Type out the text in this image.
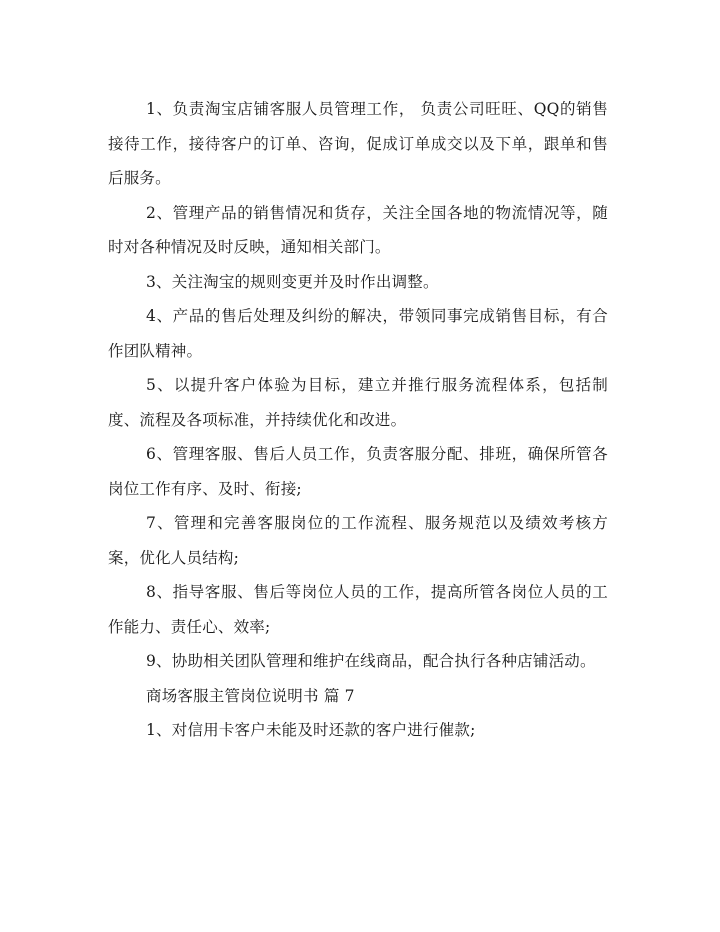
1、负责淘宝店铺客服人员管理工作， 负责公司旺旺、QQ的销售接待工作，接待客户的订单、咨询，促成订单成交以及下单，跟单和售后服务。

2、管理产品的销售情况和货存，关注全国各地的物流情况等，随时对各种情况及时反映，通知相关部门。

3、关注淘宝的规则变更并及时作出调整。

4、产品的售后处理及纠纷的解决，带领同事完成销售目标，有合作团队精神。

5、以提升客户体验为目标，建立并推行服务流程体系，包括制度、流程及各项标准，并持续优化和改进。

6、管理客服、售后人员工作，负责客服分配、排班，确保所管各岗位工作有序、及时、衔接;

7、管理和完善客服岗位的工作流程、服务规范以及绩效考核方案，优化人员结构;

8、指导客服、售后等岗位人员的工作，提高所管各岗位人员的工作能力、责任心、效率;

9、协助相关团队管理和维护在线商品，配合执行各种店铺活动。

商场客服主管岗位说明书 篇 7

1、对信用卡客户未能及时还款的客户进行催款;
